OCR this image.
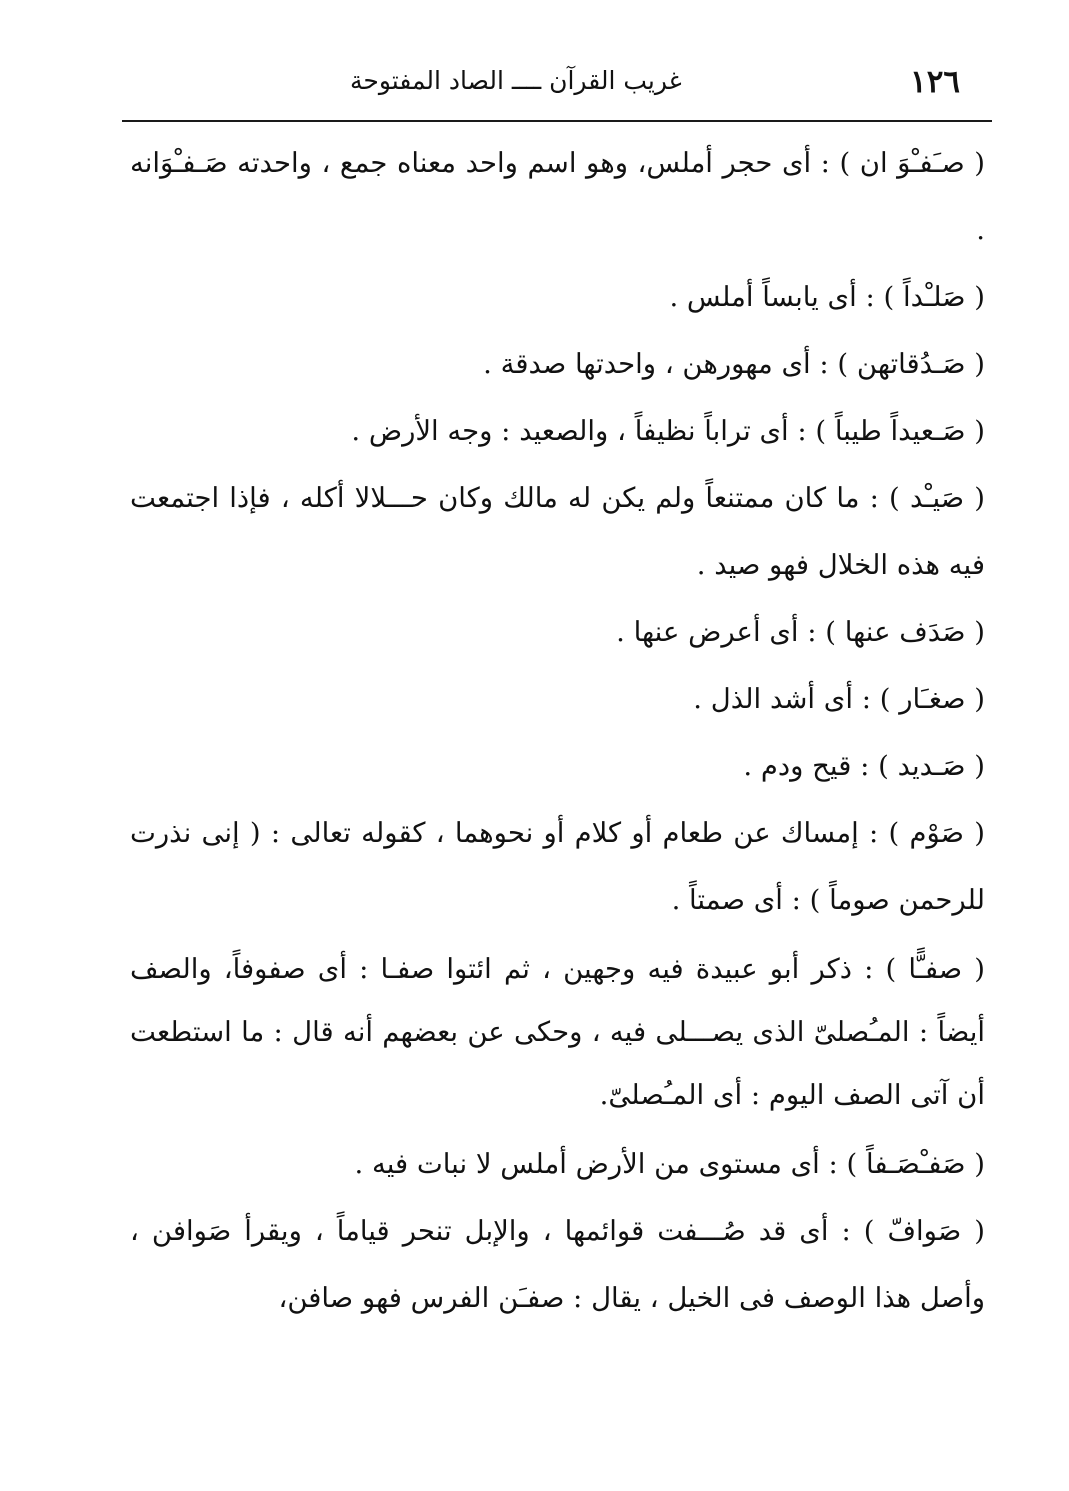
١٢٦
غريب القرآن ــــ الصاد المفتوحة

( صـَفـْوَ ان ) : أى حجر أملس، وهو اسم واحد معناه جمع ، واحدته صَـفـْوَانه .

( صَلـْداً ) : أى يابساً أملس .

( صَـدُقاتهن ) : أى مهورهن ، واحدتها صدقة .

( صَـعيداً طيباً ) : أى تراباً نظيفاً ، والصعيد : وجه الأرض .

( صَيـْد ) : ما كان ممتنعاً ولم يكن له مالك وكان حـــلالا أكله ، فإذا اجتمعت فيه هذه الخلال فهو صيد .

( صَدَف عنها ) : أى أعرض عنها .

( صغـَار ) : أى أشد الذل .

( صَـديد ) : قيح ودم .

( صَوْم ) : إمساك عن طعام أو كلام أو نحوهما ، كقوله تعالى : ( إنى نذرت للرحمن صوماً ) : أى صمتاً .

( صفـًّا ) : ذكر أبو عبيدة فيه وجهين ، ثم ائتوا صفـا : أى صفوفاً، والصف أيضاً : المـُصلىّ الذى يصـــلى فيه ، وحكى عن بعضهم أنه قال : ما استطعت أن آتى الصف اليوم : أى المـُصلىّ.

( صَفـْصَـفاً ) : أى مستوى من الأرض أملس لا نبات فيه .

( صَوافّ ) : أى قد صُـــفت قوائمها ، والإبل تنحر قياماً ، ويقرأ صَوافن ، وأصل هذا الوصف فى الخيل ، يقال : صفـَن الفرس فهو صافن،
